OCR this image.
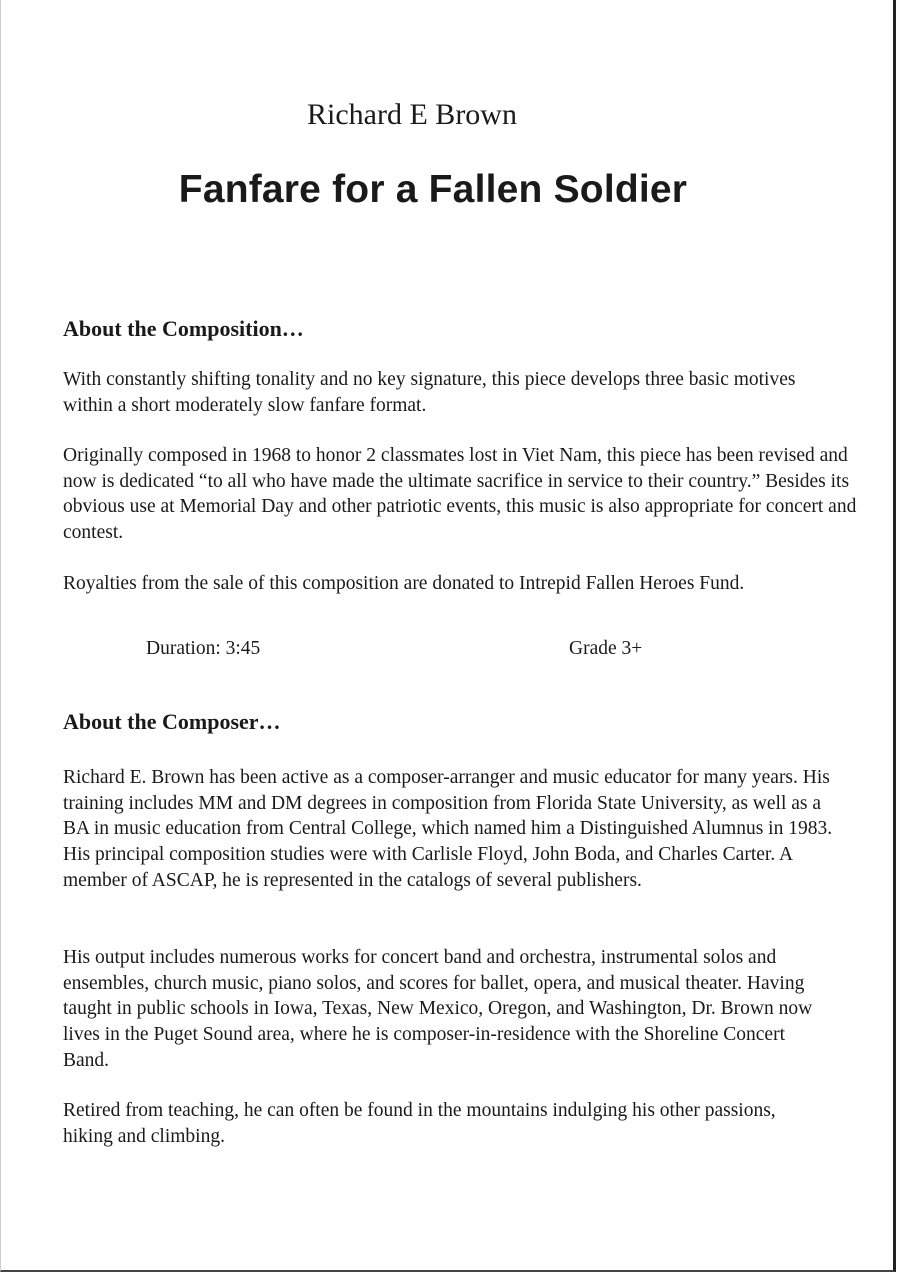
Richard E Brown
Fanfare for a Fallen Soldier
About the Composition…

With constantly shifting tonality and no key signature, this piece develops three basic motives within a short moderately slow fanfare format.

Originally composed in 1968 to honor 2 classmates lost in Viet Nam, this piece has been revised and now is dedicated “to all who have made the ultimate sacrifice in service to their country.” Besides its obvious use at Memorial Day and other patriotic events, this music is also appropriate for concert and contest.

Royalties from the sale of this composition are donated to Intrepid Fallen Heroes Fund.

Duration: 3:45	Grade 3+
About the Composer…

Richard E. Brown has been active as a composer-arranger and music educator for many years. His training includes MM and DM degrees in composition from Florida State University, as well as a BA in music education from Central College, which named him a Distinguished Alumnus in 1983. His principal composition studies were with Carlisle Floyd, John Boda, and Charles Carter. A member of ASCAP, he is represented in the catalogs of several publishers.

His output includes numerous works for concert band and orchestra, instrumental solos and ensembles, church music, piano solos, and scores for ballet, opera, and musical theater. Having taught in public schools in Iowa, Texas, New Mexico, Oregon, and Washington, Dr. Brown now lives in the Puget Sound area, where he is composer-in-residence with the Shoreline Concert Band.

Retired from teaching, he can often be found in the mountains indulging his other passions, hiking and climbing.
